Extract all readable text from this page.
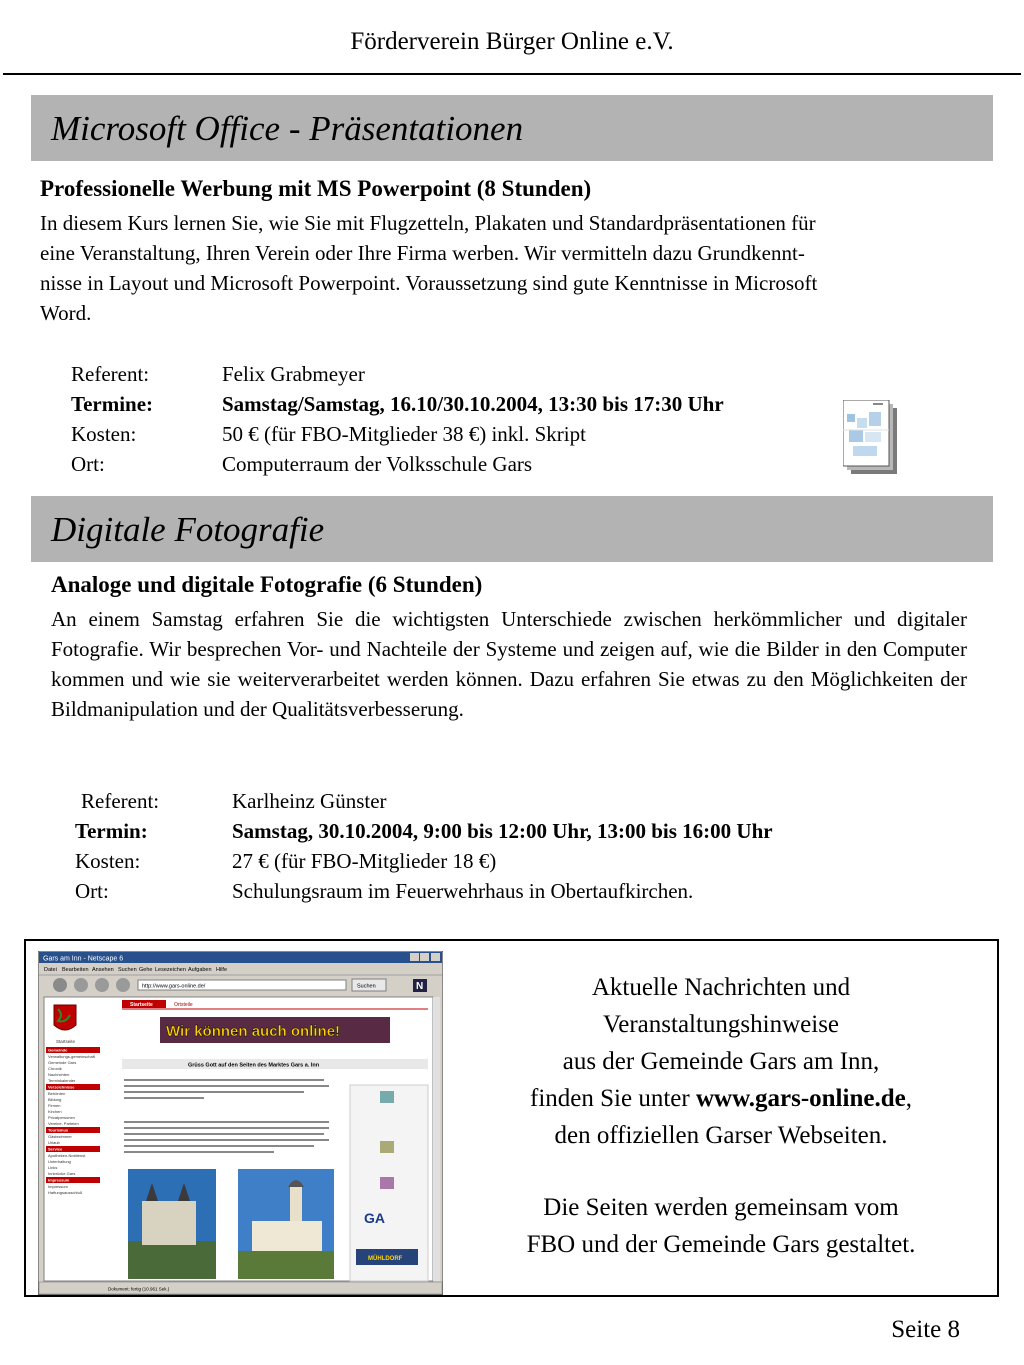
Förderverein Bürger Online e.V.
Microsoft Office - Präsentationen
Professionelle Werbung mit MS Powerpoint (8 Stunden)
In diesem Kurs lernen Sie, wie Sie mit Flugzetteln, Plakaten und Standardpräsentationen für
eine Veranstaltung, Ihren Verein oder Ihre Firma werben. Wir vermitteln dazu Grundkennt-
nisse in Layout und Microsoft Powerpoint. Voraussetzung sind gute Kenntnisse in Microsoft
Word.
Referent:	Felix Grabmeyer
Termine:	Samstag/Samstag, 16.10/30.10.2004, 13:30 bis 17:30 Uhr
Kosten:	50 € (für FBO-Mitglieder 38 €) inkl. Skript
Ort:	Computerraum der Volksschule Gars
Digitale Fotografie
Analoge und digitale Fotografie (6 Stunden)
An einem Samstag erfahren Sie die wichtigsten Unterschiede zwischen herkömmlicher und digitaler Fotografie. Wir besprechen Vor- und Nachteile der Systeme und zeigen auf, wie die Bilder in den Computer kommen und wie sie weiterverarbeitet werden können. Dazu erfahren Sie etwas zu den Möglichkeiten der Bildmanipulation und der Qualitätsverbesserung.
Referent:	Karlheinz Günster
Termin:	Samstag, 30.10.2004, 9:00 bis 12:00 Uhr, 13:00 bis 16:00 Uhr
Kosten:	27 € (für FBO-Mitglieder 18 €)
Ort:	Schulungsraum im Feuerwehrhaus in Obertaufkirchen.
Gars am Inn - Netscape 6
Datei Bearbeiten Ansehen Suchen Gehe Lesezeichen Aufgaben Hilfe
http://www.gars-online.de/	Suchen	N
Startseite
Gemeinde
Verwaltungs-gemeinschaft
Gemeinde Gars
Chronik
Nachrichten
Terminkalender
Verzeichnisse
Behörden
Bildung
Firmen
Kirchen
Privatpersonen
Vereine, Parteien
Tourismus
Gästezimmer
Urlaub
Service
Apotheken-Notdienst
Unterhaltung
Links
Innbrücke Gars
Impressum
Impressum
Haftungsausschluß
Startseite	Ortsteile
Wir können auch online!
Grüss Gott auf den Seiten des Marktes Gars a. Inn
GA
MÜHLDORF
Dokument: fertig (10.961 Sek.)
Aktuelle Nachrichten und
Veranstaltungshinweise
aus der Gemeinde Gars am Inn,
finden Sie unter www.gars-online.de,
den offiziellen Garser Webseiten.
Die Seiten werden gemeinsam vom
FBO und der Gemeinde Gars gestaltet.
Seite 8
